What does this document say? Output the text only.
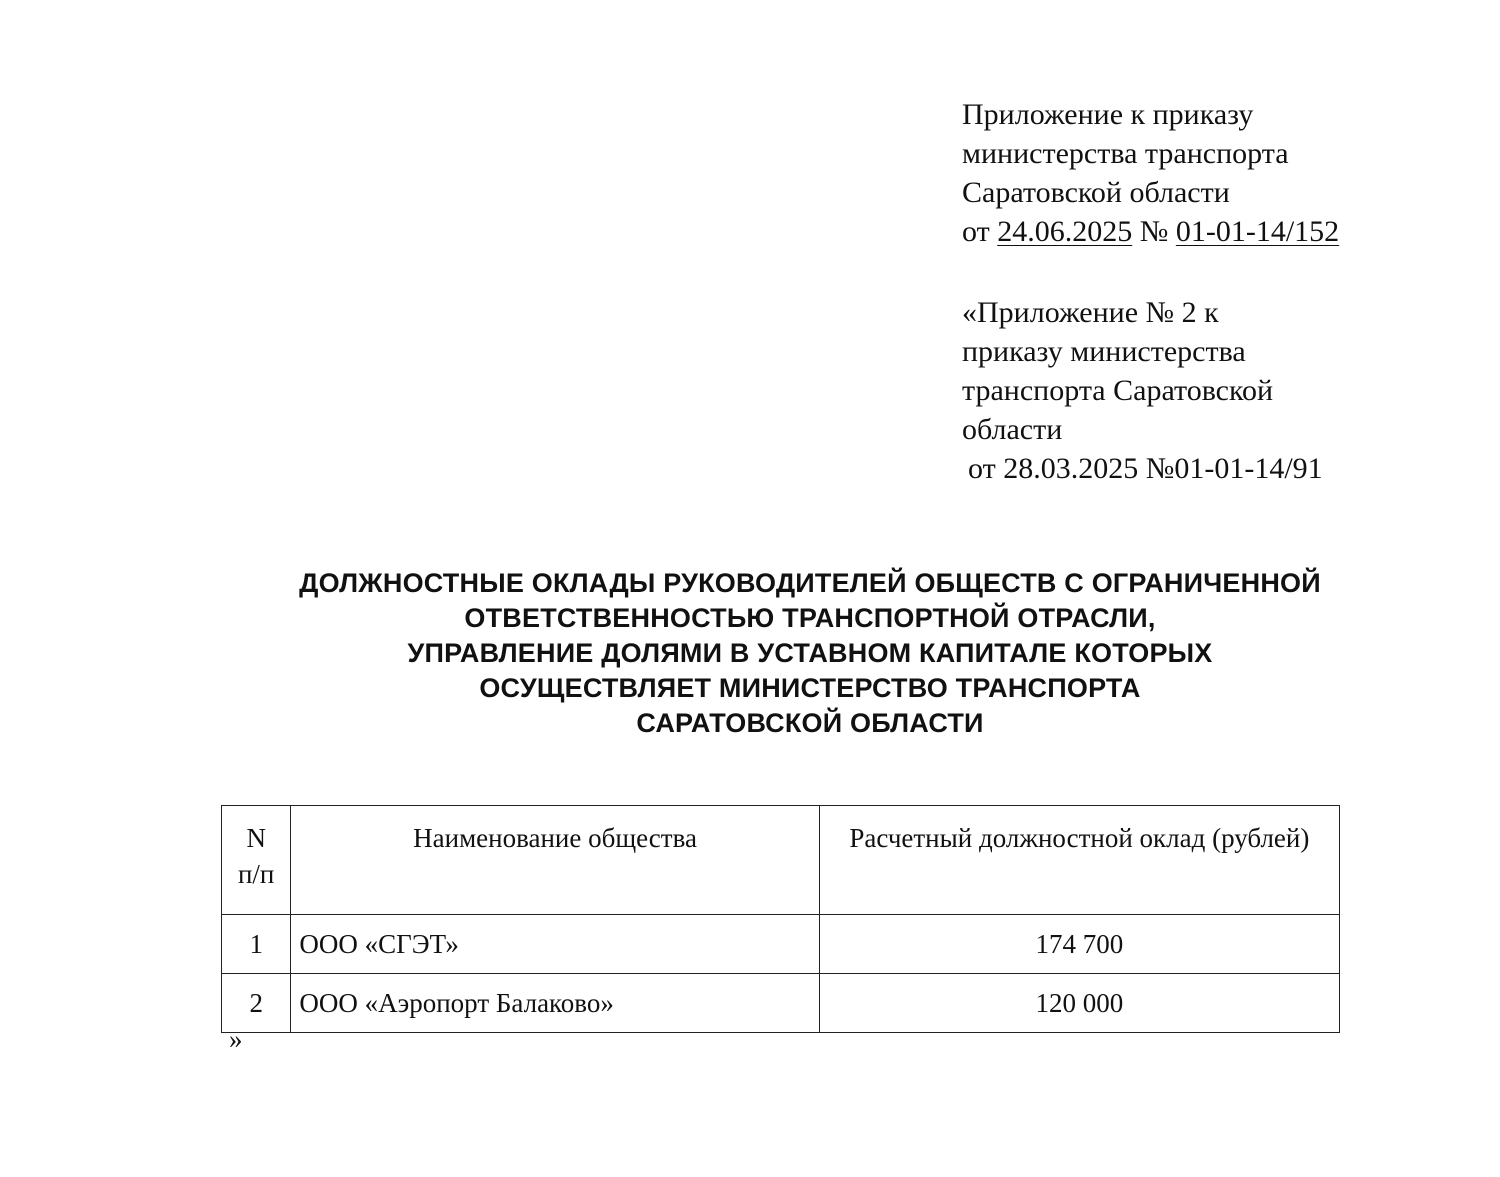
Приложение к приказу
министерства транспорта
Саратовской области
от 24.06.2025 № 01-01-14/152
«Приложение № 2 к
приказу министерства
транспорта Саратовской
области
от 28.03.2025 №01-01-14/91
ДОЛЖНОСТНЫЕ ОКЛАДЫ РУКОВОДИТЕЛЕЙ ОБЩЕСТВ С ОГРАНИЧЕННОЙ
ОТВЕТСТВЕННОСТЬЮ ТРАНСПОРТНОЙ ОТРАСЛИ,
УПРАВЛЕНИЕ ДОЛЯМИ В УСТАВНОМ КАПИТАЛЕ КОТОРЫХ
ОСУЩЕСТВЛЯЕТ МИНИСТЕРСТВО ТРАНСПОРТА
САРАТОВСКОЙ ОБЛАСТИ
N
п/п	Наименование общества	Расчетный должностной оклад (рублей)
1	ООО «СГЭТ»	174 700
2	ООО «Аэропорт Балаково»	120 000
»
